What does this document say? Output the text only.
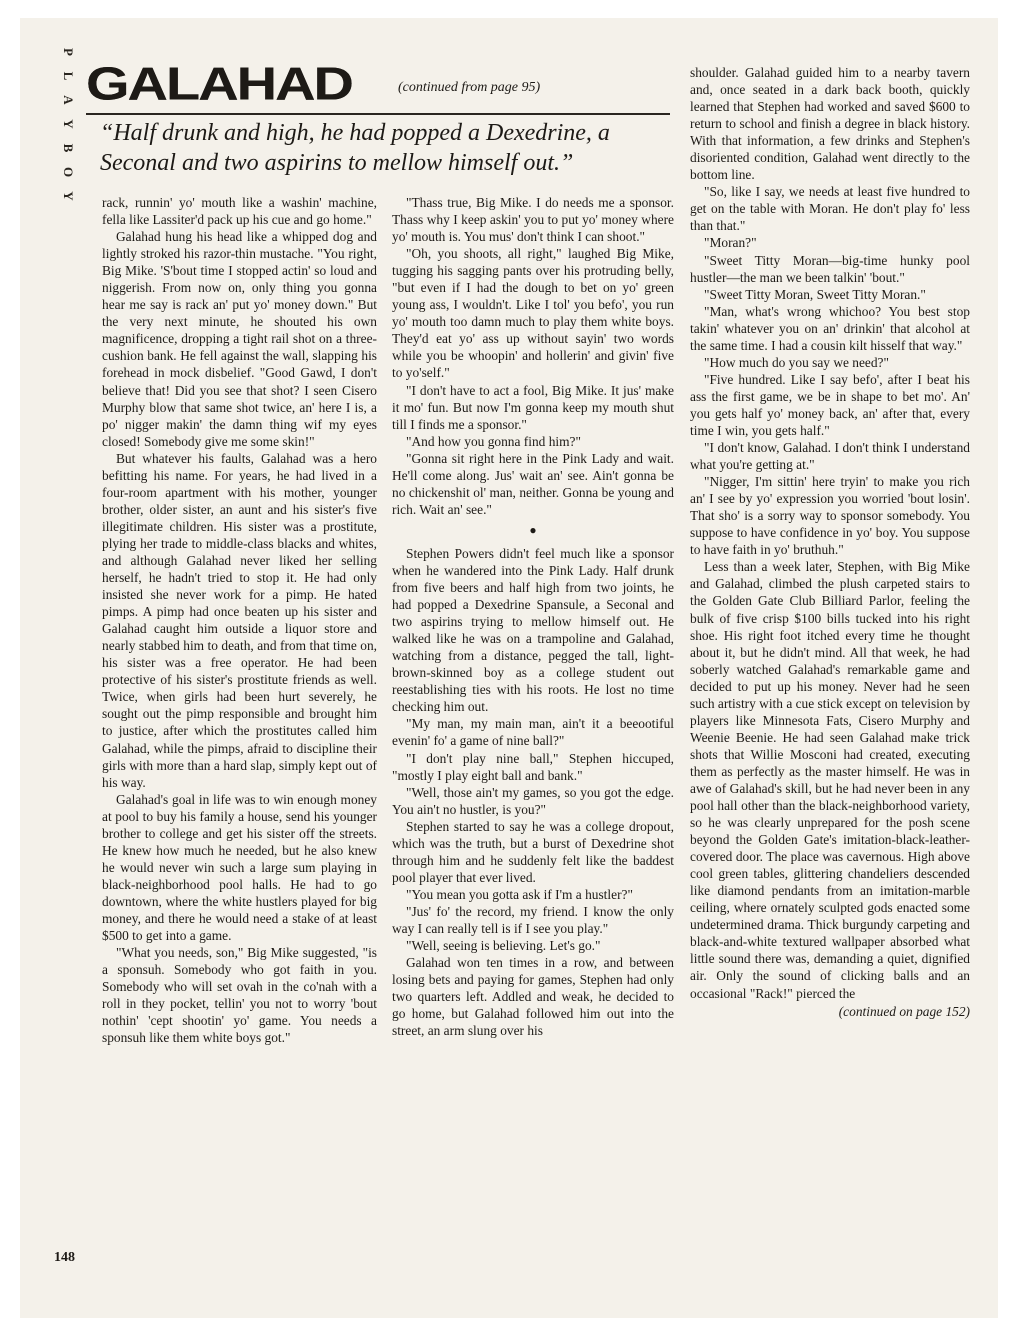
P
L
A
Y
B
O
Y
GALAHAD	(continued from page 95)
“Half drunk and high, he had popped a Dexedrine, a Seconal and two aspirins to mellow himself out.”

rack, runnin' yo' mouth like a washin' machine, fella like Lassiter'd pack up his cue and go home."

Galahad hung his head like a whipped dog and lightly stroked his razor-thin mustache. "You right, Big Mike. 'S'bout time I stopped actin' so loud and niggerish. From now on, only thing you gonna hear me say is rack an' put yo' money down." But the very next minute, he shouted his own magnificence, dropping a tight rail shot on a three-cushion bank. He fell against the wall, slapping his forehead in mock disbelief. "Good Gawd, I don't believe that! Did you see that shot? I seen Cisero Murphy blow that same shot twice, an' here I is, a po' nigger makin' the damn thing wif my eyes closed! Somebody give me some skin!"

But whatever his faults, Galahad was a hero befitting his name. For years, he had lived in a four-room apartment with his mother, younger brother, older sister, an aunt and his sister's five illegitimate children. His sister was a prostitute, plying her trade to middle-class blacks and whites, and although Galahad never liked her selling herself, he hadn't tried to stop it. He had only insisted she never work for a pimp. He hated pimps. A pimp had once beaten up his sister and Galahad caught him outside a liquor store and nearly stabbed him to death, and from that time on, his sister was a free operator. He had been protective of his sister's prostitute friends as well. Twice, when girls had been hurt severely, he sought out the pimp responsible and brought him to justice, after which the prostitutes called him Galahad, while the pimps, afraid to discipline their girls with more than a hard slap, simply kept out of his way.

Galahad's goal in life was to win enough money at pool to buy his family a house, send his younger brother to college and get his sister off the streets. He knew how much he needed, but he also knew he would never win such a large sum playing in black-neighborhood pool halls. He had to go downtown, where the white hustlers played for big money, and there he would need a stake of at least $500 to get into a game.

"What you needs, son," Big Mike suggested, "is a sponsuh. Somebody who got faith in you. Somebody who will set ovah in the co'nah with a roll in they pocket, tellin' you not to worry 'bout nothin' 'cept shootin' yo' game. You needs a sponsuh like them white boys got."

"Thass true, Big Mike. I do needs me a sponsor. Thass why I keep askin' you to put yo' money where yo' mouth is. You mus' don't think I can shoot."

"Oh, you shoots, all right," laughed Big Mike, tugging his sagging pants over his protruding belly, "but even if I had the dough to bet on yo' green young ass, I wouldn't. Like I tol' you befo', you run yo' mouth too damn much to play them white boys. They'd eat yo' ass up without sayin' two words while you be whoopin' and hollerin' and givin' five to yo'self."

"I don't have to act a fool, Big Mike. It jus' make it mo' fun. But now I'm gonna keep my mouth shut till I finds me a sponsor."

"And how you gonna find him?"

"Gonna sit right here in the Pink Lady and wait. He'll come along. Jus' wait an' see. Ain't gonna be no chickenshit ol' man, neither. Gonna be young and rich. Wait an' see."

●

Stephen Powers didn't feel much like a sponsor when he wandered into the Pink Lady. Half drunk from five beers and half high from two joints, he had popped a Dexedrine Spansule, a Seconal and two aspirins trying to mellow himself out. He walked like he was on a trampoline and Galahad, watching from a distance, pegged the tall, light-brown-skinned boy as a college student out reestablishing ties with his roots. He lost no time checking him out.

"My man, my main man, ain't it a beeootiful evenin' fo' a game of nine ball?"

"I don't play nine ball," Stephen hiccuped, "mostly I play eight ball and bank."

"Well, those ain't my games, so you got the edge. You ain't no hustler, is you?"

Stephen started to say he was a college dropout, which was the truth, but a burst of Dexedrine shot through him and he suddenly felt like the baddest pool player that ever lived.

"You mean you gotta ask if I'm a hustler?"

"Jus' fo' the record, my friend. I know the only way I can really tell is if I see you play."

"Well, seeing is believing. Let's go."

Galahad won ten times in a row, and between losing bets and paying for games, Stephen had only two quarters left. Addled and weak, he decided to go home, but Galahad followed him out into the street, an arm slung over his

shoulder. Galahad guided him to a nearby tavern and, once seated in a dark back booth, quickly learned that Stephen had worked and saved $600 to return to school and finish a degree in black history. With that information, a few drinks and Stephen's disoriented condition, Galahad went directly to the bottom line.

"So, like I say, we needs at least five hundred to get on the table with Moran. He don't play fo' less than that."

"Moran?"

"Sweet Titty Moran—big-time hunky pool hustler—the man we been talkin' 'bout."

"Sweet Titty Moran, Sweet Titty Moran."

"Man, what's wrong whichoo? You best stop takin' whatever you on an' drinkin' that alcohol at the same time. I had a cousin kilt hisself that way."

"How much do you say we need?"

"Five hundred. Like I say befo', after I beat his ass the first game, we be in shape to bet mo'. An' you gets half yo' money back, an' after that, every time I win, you gets half."

"I don't know, Galahad. I don't think I understand what you're getting at."

"Nigger, I'm sittin' here tryin' to make you rich an' I see by yo' expression you worried 'bout losin'. That sho' is a sorry way to sponsor somebody. You suppose to have confidence in yo' boy. You suppose to have faith in yo' bruthuh."

Less than a week later, Stephen, with Big Mike and Galahad, climbed the plush carpeted stairs to the Golden Gate Club Billiard Parlor, feeling the bulk of five crisp $100 bills tucked into his right shoe. His right foot itched every time he thought about it, but he didn't mind. All that week, he had soberly watched Galahad's remarkable game and decided to put up his money. Never had he seen such artistry with a cue stick except on television by players like Minnesota Fats, Cisero Murphy and Weenie Beenie. He had seen Galahad make trick shots that Willie Mosconi had created, executing them as perfectly as the master himself. He was in awe of Galahad's skill, but he had never been in any pool hall other than the black-neighborhood variety, so he was clearly unprepared for the posh scene beyond the Golden Gate's imitation-black-leather-covered door. The place was cavernous. High above cool green tables, glittering chandeliers descended like diamond pendants from an imitation-marble ceiling, where ornately sculpted gods enacted some undetermined drama. Thick burgundy carpeting and black-and-white textured wallpaper absorbed what little sound there was, demanding a quiet, dignified air. Only the sound of clicking balls and an occasional "Rack!" pierced the

(continued on page 152)
148
